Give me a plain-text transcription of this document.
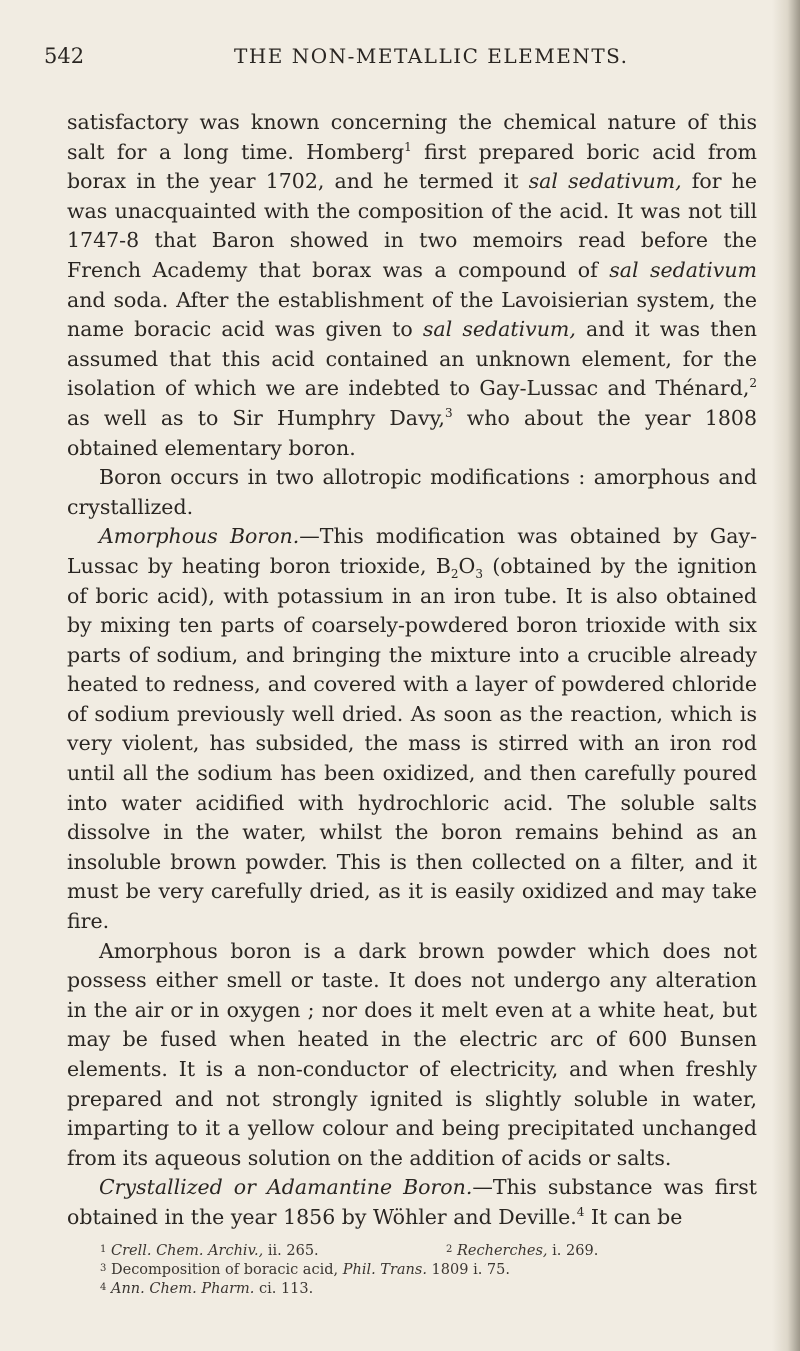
542	THE NON-METALLIC ELEMENTS.

satisfactory was known concerning the chemical nature of this salt for a long time. Homberg$^1$ first prepared boric acid from borax in the year 1702, and he termed it sal sedativum, for he was unacquainted with the composition of the acid. It was not till 1747-8 that Baron showed in two memoirs read before the French Academy that borax was a compound of sal sedativum and soda. After the establishment of the Lavoisierian system, the name boracic acid was given to sal sedativum, and it was then assumed that this acid contained an unknown element, for the isolation of which we are indebted to Gay-Lussac and Thénard,$^2$ as well as to Sir Humphry Davy,$^3$ who about the year 1808 obtained elementary boron.

Boron occurs in two allotropic modifications : amorphous and crystallized.

Amorphous Boron.—This modification was obtained by Gay-Lussac by heating boron trioxide, $B_2O_3$ (obtained by the ignition of boric acid), with potassium in an iron tube. It is also obtained by mixing ten parts of coarsely-powdered boron trioxide with six parts of sodium, and bringing the mixture into a crucible already heated to redness, and covered with a layer of powdered chloride of sodium previously well dried. As soon as the reaction, which is very violent, has subsided, the mass is stirred with an iron rod until all the sodium has been oxidized, and then carefully poured into water acidified with hydrochloric acid. The soluble salts dissolve in the water, whilst the boron remains behind as an insoluble brown powder. This is then collected on a filter, and it must be very carefully dried, as it is easily oxidized and may take fire.

Amorphous boron is a dark brown powder which does not possess either smell or taste. It does not undergo any alteration in the air or in oxygen ; nor does it melt even at a white heat, but may be fused when heated in the electric arc of 600 Bunsen elements. It is a non-conductor of electricity, and when freshly prepared and not strongly ignited is slightly soluble in water, imparting to it a yellow colour and being precipitated unchanged from its aqueous solution on the addition of acids or salts.

Crystallized or Adamantine Boron.—This substance was first obtained in the year 1856 by Wöhler and Deville.$^4$ It can be

$^1$ Crell. Chem. Archiv., ii. 265.	$^2$ Recherches, i. 269.
$^3$ Decomposition of boracic acid, Phil. Trans. 1809 i. 75.
$^4$ Ann. Chem. Pharm. ci. 113.
